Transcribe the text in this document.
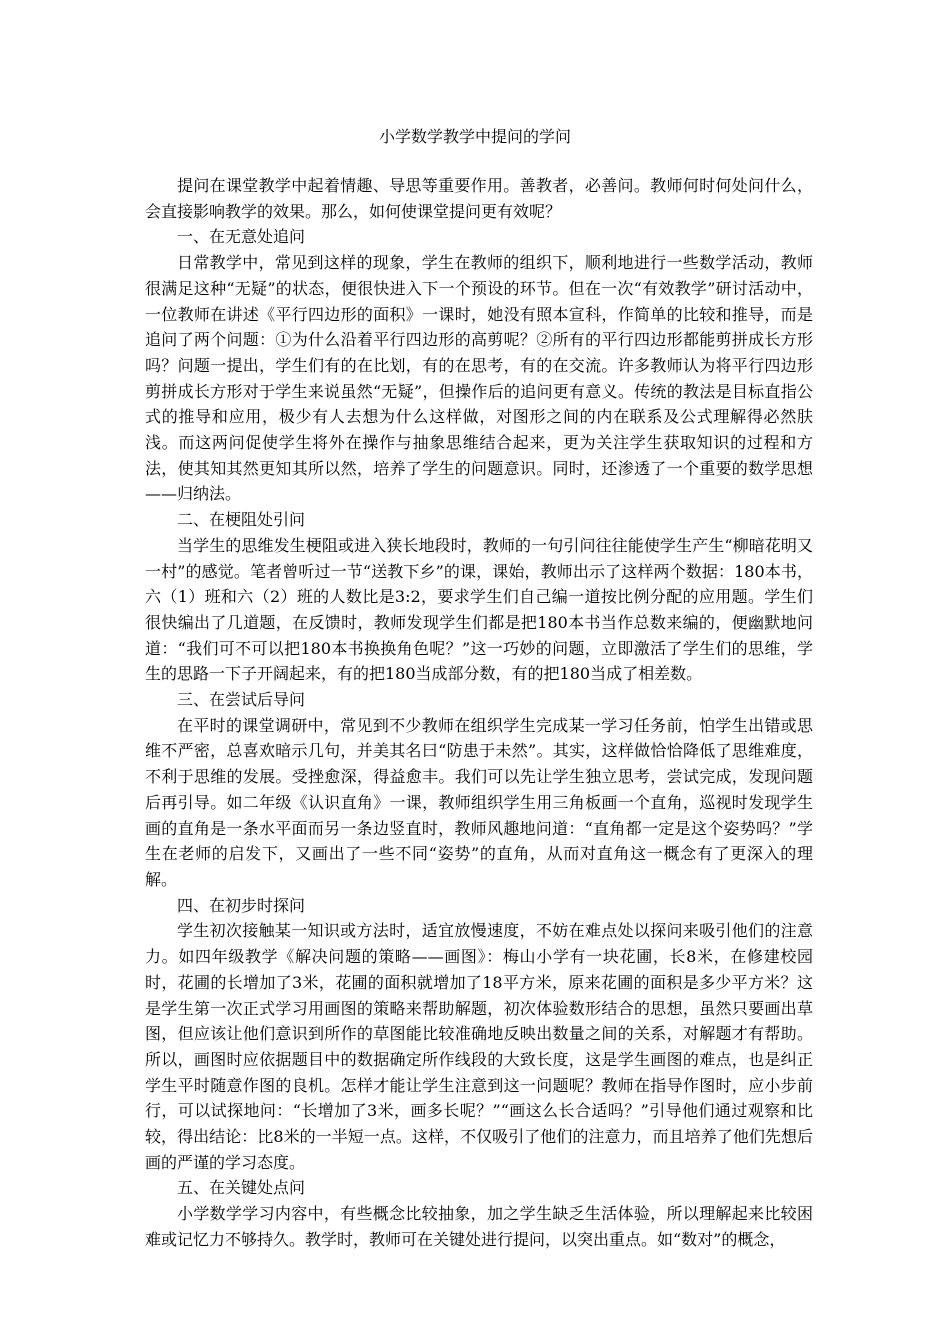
小学数学教学中提问的学问

提问在课堂教学中起着情趣、导思等重要作用。善教者，必善问。教师何时何处问什么，会直接影响教学的效果。那么，如何使课堂提问更有效呢？

一、在无意处追问

日常教学中，常见到这样的现象，学生在教师的组织下，顺利地进行一些数学活动，教师很满足这种“无疑”的状态，便很快进入下一个预设的环节。但在一次“有效教学”研讨活动中，一位教师在讲述《平行四边形的面积》一课时，她没有照本宣科，作简单的比较和推导，而是追问了两个问题：①为什么沿着平行四边形的高剪呢？②所有的平行四边形都能剪拼成长方形吗？问题一提出，学生们有的在比划，有的在思考，有的在交流。许多教师认为将平行四边形剪拼成长方形对于学生来说虽然“无疑”，但操作后的追问更有意义。传统的教法是目标直指公式的推导和应用，极少有人去想为什么这样做，对图形之间的内在联系及公式理解得必然肤浅。而这两问促使学生将外在操作与抽象思维结合起来，更为关注学生获取知识的过程和方法，使其知其然更知其所以然，培养了学生的问题意识。同时，还渗透了一个重要的数学思想——归纳法。

二、在梗阻处引问

当学生的思维发生梗阻或进入狭长地段时，教师的一句引问往往能使学生产生“柳暗花明又一村”的感觉。笔者曾听过一节“送教下乡”的课，课始，教师出示了这样两个数据：180本书，六（1）班和六（2）班的人数比是3:2，要求学生们自己编一道按比例分配的应用题。学生们很快编出了几道题，在反馈时，教师发现学生们都是把180本书当作总数来编的，便幽默地问道：“我们可不可以把180本书换换角色呢？”这一巧妙的问题，立即激活了学生们的思维，学生的思路一下子开阔起来，有的把180当成部分数，有的把180当成了相差数。

三、在尝试后导问

在平时的课堂调研中，常见到不少教师在组织学生完成某一学习任务前，怕学生出错或思维不严密，总喜欢暗示几句，并美其名曰“防患于未然”。其实，这样做恰恰降低了思维难度，不利于思维的发展。受挫愈深，得益愈丰。我们可以先让学生独立思考，尝试完成，发现问题后再引导。如二年级《认识直角》一课，教师组织学生用三角板画一个直角，巡视时发现学生画的直角是一条水平面而另一条边竖直时，教师风趣地问道：“直角都一定是这个姿势吗？”学生在老师的启发下，又画出了一些不同“姿势”的直角，从而对直角这一概念有了更深入的理解。

四、在初步时探问

学生初次接触某一知识或方法时，适宜放慢速度，不妨在难点处以探问来吸引他们的注意力。如四年级教学《解决问题的策略——画图》：梅山小学有一块花圃，长8米，在修建校园时，花圃的长增加了3米，花圃的面积就增加了18平方米，原来花圃的面积是多少平方米？这是学生第一次正式学习用画图的策略来帮助解题，初次体验数形结合的思想，虽然只要画出草图，但应该让他们意识到所作的草图能比较准确地反映出数量之间的关系，对解题才有帮助。所以，画图时应依据题目中的数据确定所作线段的大致长度，这是学生画图的难点，也是纠正学生平时随意作图的良机。怎样才能让学生注意到这一问题呢？教师在指导作图时，应小步前行，可以试探地问：“长增加了3米，画多长呢？”“画这么长合适吗？”引导他们通过观察和比较，得出结论：比8米的一半短一点。这样，不仅吸引了他们的注意力，而且培养了他们先想后画的严谨的学习态度。

五、在关键处点问

小学数学学习内容中，有些概念比较抽象，加之学生缺乏生活体验，所以理解起来比较困难或记忆力不够持久。教学时，教师可在关键处进行提问，以突出重点。如“数对”的概念，
